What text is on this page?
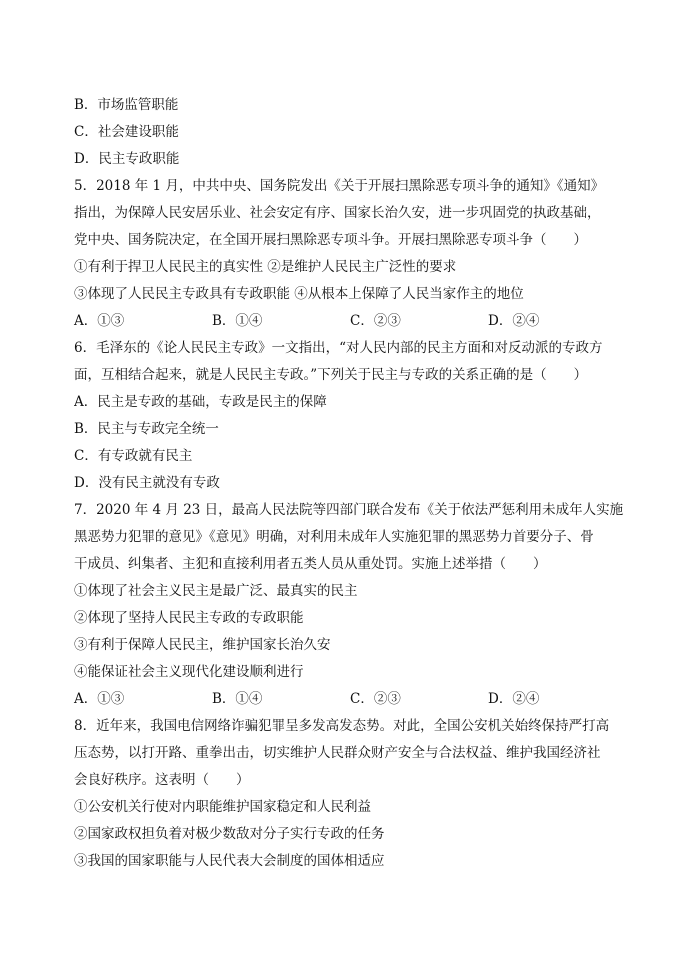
B．市场监管职能
C．社会建设职能
D．民主专政职能
5．2018 年 1 月，中共中央、国务院发出《关于开展扫黑除恶专项斗争的通知》《通知》
指出，为保障人民安居乐业、社会安定有序、国家长治久安，进一步巩固党的执政基础，
党中央、国务院决定，在全国开展扫黑除恶专项斗争。开展扫黑除恶专项斗争（　　）
①有利于捍卫人民民主的真实性 ②是维护人民民主广泛性的要求
③体现了人民民主专政具有专政职能 ④从根本上保障了人民当家作主的地位
A．①③	B．①④	C．②③	D．②④
6．毛泽东的《论人民民主专政》一文指出，“对人民内部的民主方面和对反动派的专政方
面，互相结合起来，就是人民民主专政。”下列关于民主与专政的关系正确的是（　　）
A．民主是专政的基础，专政是民主的保障
B．民主与专政完全统一
C．有专政就有民主
D．没有民主就没有专政
7．2020 年 4 月 23 日，最高人民法院等四部门联合发布《关于依法严惩利用未成年人实施
黑恶势力犯罪的意见》《意见》明确，对利用未成年人实施犯罪的黑恶势力首要分子、骨
干成员、纠集者、主犯和直接利用者五类人员从重处罚。实施上述举措（　　）
①体现了社会主义民主是最广泛、最真实的民主
②体现了坚持人民民主专政的专政职能
③有利于保障人民民主，维护国家长治久安
④能保证社会主义现代化建设顺利进行
A．①③	B．①④	C．②③	D．②④
8．近年来，我国电信网络诈骗犯罪呈多发高发态势。对此，全国公安机关始终保持严打高
压态势，以打开路、重拳出击，切实维护人民群众财产安全与合法权益、维护我国经济社
会良好秩序。这表明（　　）
①公安机关行使对内职能维护国家稳定和人民利益
②国家政权担负着对极少数敌对分子实行专政的任务
③我国的国家职能与人民代表大会制度的国体相适应
